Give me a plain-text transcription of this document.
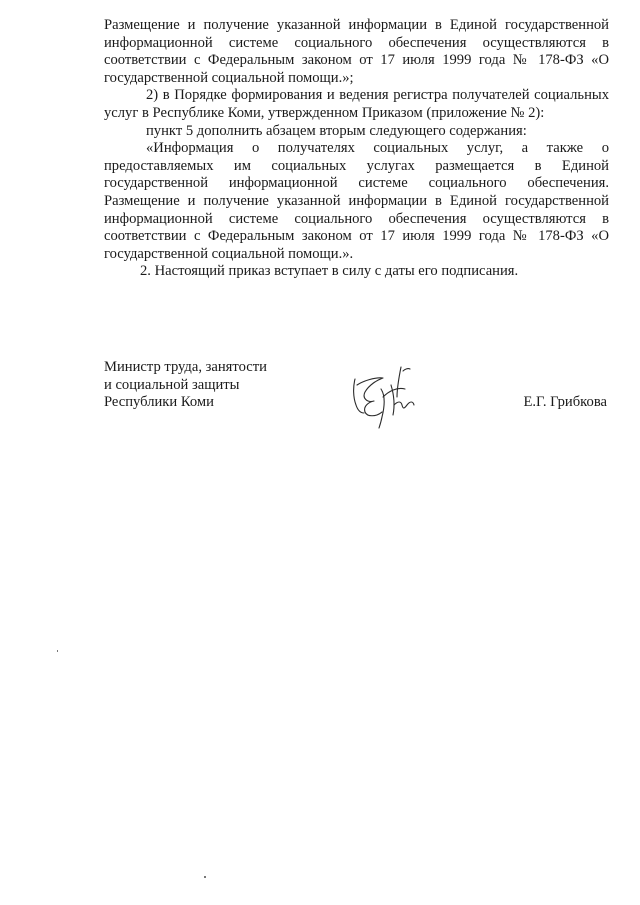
Размещение и получение указанной информации в Единой государственной информационной системе социального обеспечения осуществляются в соответствии с Федеральным законом от 17 июля 1999 года № 178-ФЗ «О государственной социальной помощи.»;

2) в Порядке формирования и ведения регистра получателей социальных услуг в Республике Коми, утвержденном Приказом (приложение № 2):

пункт 5 дополнить абзацем вторым следующего содержания:

«Информация о получателях социальных услуг, а также о предоставляемых им социальных услугах размещается в Единой государственной информационной системе социального обеспечения. Размещение и получение указанной информации в Единой государственной информационной системе социального обеспечения осуществляются в соответствии с Федеральным законом от 17 июля 1999 года № 178-ФЗ «О государственной социальной помощи.».

2. Настоящий приказ вступает в силу с даты его подписания.

Министр труда, занятости
и социальной защиты
Республики Коми	Е.Г. Грибкова
